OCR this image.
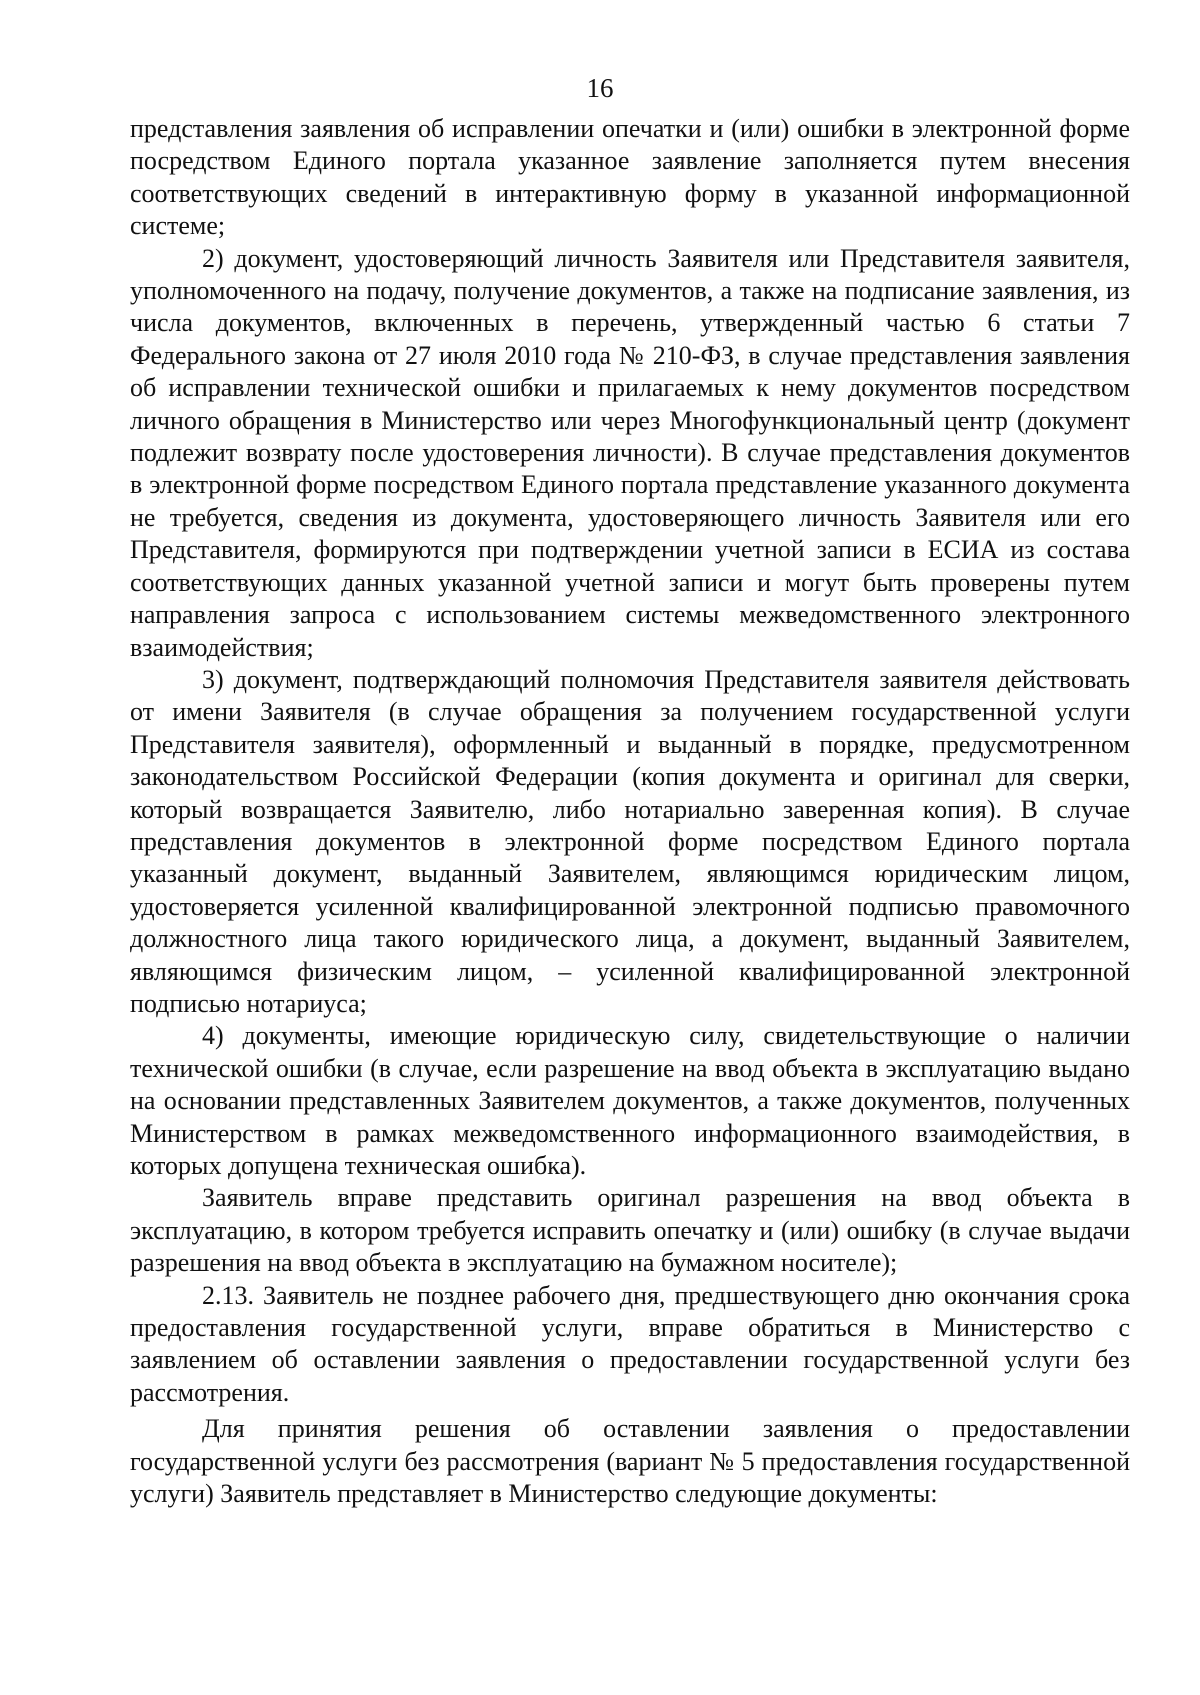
16

представления заявления об исправлении опечатки и (или) ошибки в электронной форме посредством Единого портала указанное заявление заполняется путем внесения соответствующих сведений в интерактивную форму в указанной информационной системе;

2) документ, удостоверяющий личность Заявителя или Представителя заявителя, уполномоченного на подачу, получение документов, а также на подписание заявления, из числа документов, включенных в перечень, утвержденный частью 6 статьи 7 Федерального закона от 27 июля 2010 года № 210-ФЗ, в случае представления заявления об исправлении технической ошибки и прилагаемых к нему документов посредством личного обращения в Министерство или через Многофункциональный центр (документ подлежит возврату после удостоверения личности). В случае представления документов в электронной форме посредством Единого портала представление указанного документа не требуется, сведения из документа, удостоверяющего личность Заявителя или его Представителя, формируются при подтверждении учетной записи в ЕСИА из состава соответствующих данных указанной учетной записи и могут быть проверены путем направления запроса с использованием системы межведомственного электронного взаимодействия;

3) документ, подтверждающий полномочия Представителя заявителя действовать от имени Заявителя (в случае обращения за получением государственной услуги Представителя заявителя), оформленный и выданный в порядке, предусмотренном законодательством Российской Федерации (копия документа и оригинал для сверки, который возвращается Заявителю, либо нотариально заверенная копия). В случае представления документов в электронной форме посредством Единого портала указанный документ, выданный Заявителем, являющимся юридическим лицом, удостоверяется усиленной квалифицированной электронной подписью правомочного должностного лица такого юридического лица, а документ, выданный Заявителем, являющимся физическим лицом, – усиленной квалифицированной электронной подписью нотариуса;

4) документы, имеющие юридическую силу, свидетельствующие о наличии технической ошибки (в случае, если разрешение на ввод объекта в эксплуатацию выдано на основании представленных Заявителем документов, а также документов, полученных Министерством в рамках межведомственного информационного взаимодействия, в которых допущена техническая ошибка).

Заявитель вправе представить оригинал разрешения на ввод объекта в эксплуатацию, в котором требуется исправить опечатку и (или) ошибку (в случае выдачи разрешения на ввод объекта в эксплуатацию на бумажном носителе);

2.13. Заявитель не позднее рабочего дня, предшествующего дню окончания срока предоставления государственной услуги, вправе обратиться в Министерство с заявлением об оставлении заявления о предоставлении государственной услуги без рассмотрения.

Для принятия решения об оставлении заявления о предоставлении государственной услуги без рассмотрения (вариант № 5 предоставления государственной услуги) Заявитель представляет в Министерство следующие документы:
